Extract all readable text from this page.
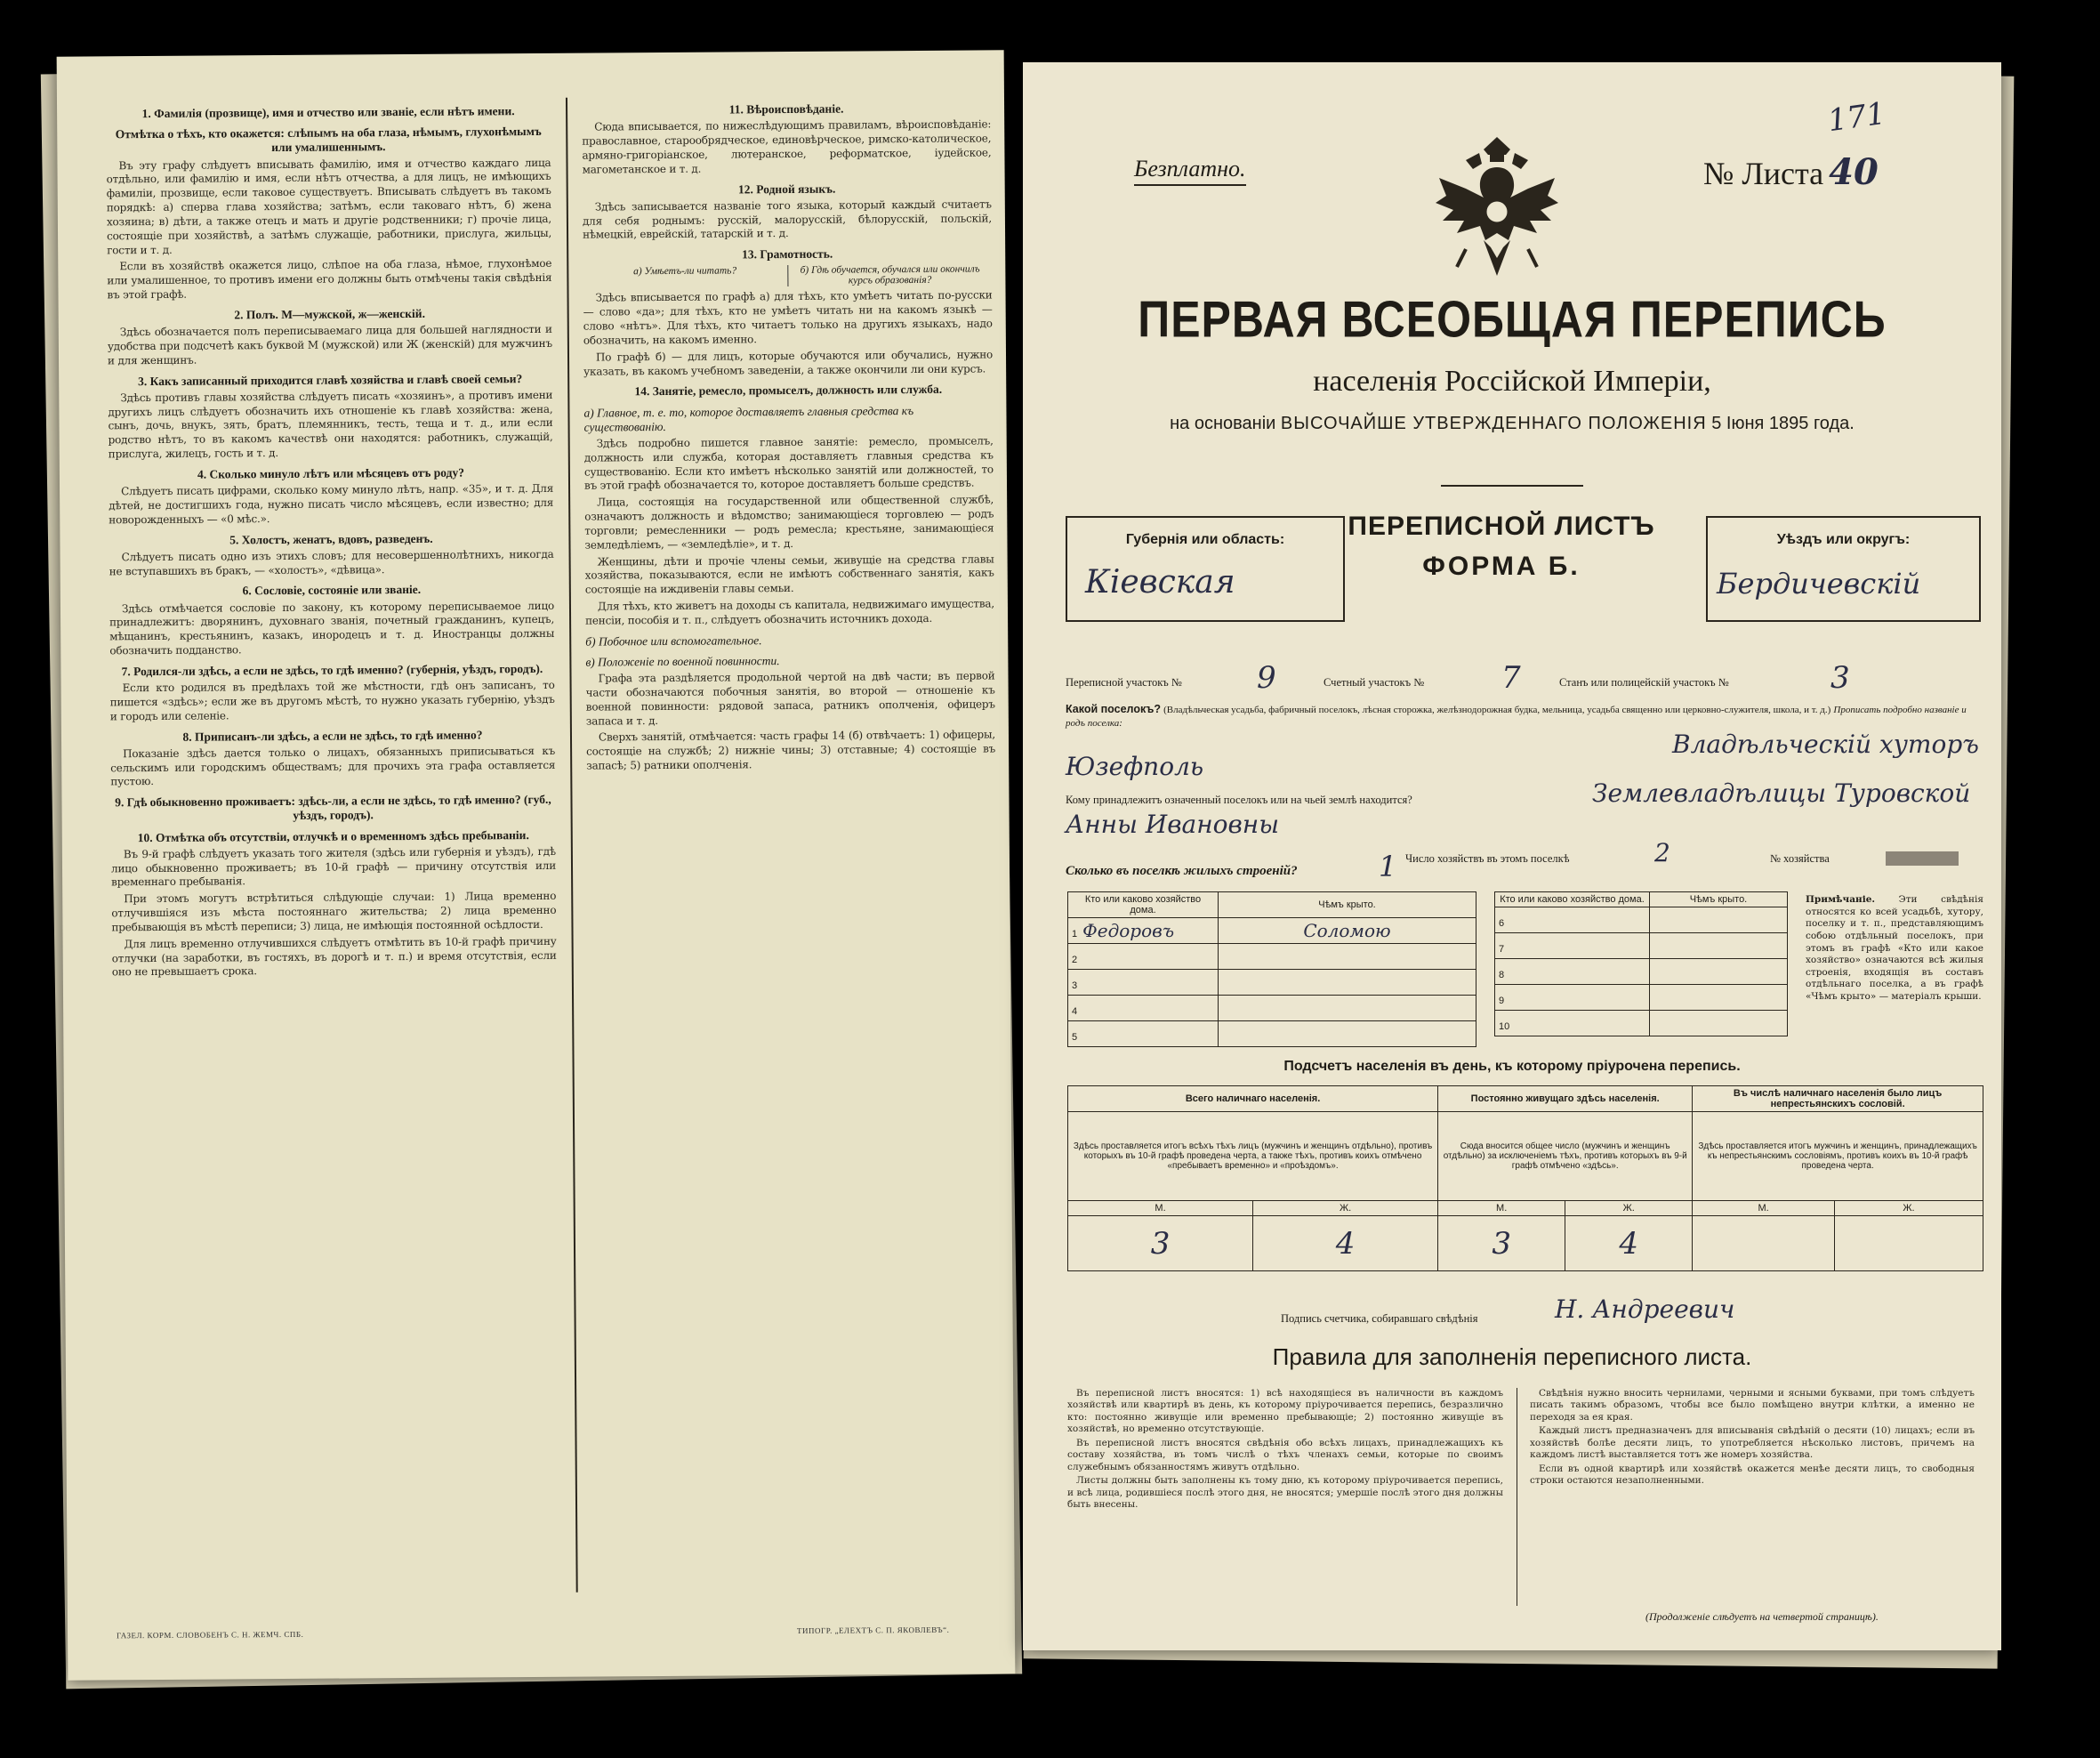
1. Фамилія (прозвище), имя и отчество или званіе, если нѣтъ имени.
Отмѣтка о тѣхъ, кто окажется: слѣпымъ на оба глаза, нѣмымъ, глухонѣмымъ или умалишеннымъ.
Въ эту графу слѣдуетъ вписывать фамилію, имя и отчество каждаго лица отдѣльно, или фамилію и имя, если нѣтъ отчества, а для лицъ, не имѣющихъ фамиліи, прозвище, если таковое существуетъ. Вписывать слѣдуетъ въ такомъ порядкѣ: а) сперва глава хозяйства; затѣмъ, если таковаго нѣтъ, б) жена хозяина; в) дѣти, а также отецъ и мать и другіе родственники; г) прочіе лица, состоящіе при хозяйствѣ, а затѣмъ служащіе, работники, прислуга, жильцы, гости и т. д.
Если въ хозяйствѣ окажется лицо, слѣпое на оба глаза, нѣмое, глухонѣмое или умалишенное, то противъ имени его должны быть отмѣчены такія свѣдѣнія въ этой графѣ.
2. Полъ. М—мужской, ж—женскій.
Здѣсь обозначается полъ переписываемаго лица для большей наглядности и удобства при подсчетѣ какъ буквой М (мужской) или Ж (женскій) для мужчинъ и для женщинъ.
3. Какъ записанный приходится главѣ хозяйства и главѣ своей семьи?
Здѣсь противъ главы хозяйства слѣдуетъ писать «хозяинъ», а противъ имени другихъ лицъ слѣдуетъ обозначить ихъ отношеніе къ главѣ хозяйства: жена, сынъ, дочь, внукъ, зять, братъ, племянникъ, тесть, теща и т. д., или если родство нѣтъ, то въ какомъ качествѣ они находятся: работникъ, служащій, прислуга, жилецъ, гость и т. д.
4. Сколько минуло лѣтъ или мѣсяцевъ отъ роду?
Слѣдуетъ писать цифрами, сколько кому минуло лѣтъ, напр. «35», и т. д. Для дѣтей, не достигшихъ года, нужно писать число мѣсяцевъ, если известно; для новорожденныхъ — «0 мѣс.».
5. Холостъ, женатъ, вдовъ, разведенъ.
Слѣдуетъ писать одно изъ этихъ словъ; для несовершеннолѣтнихъ, никогда не вступавшихъ въ бракъ, — «холостъ», «дѣвица».
6. Сословіе, состояніе или званіе.
Здѣсь отмѣчается сословіе по закону, къ которому переписываемое лицо принадлежитъ: дворянинъ, духовнаго званія, почетный гражданинъ, купецъ, мѣщанинъ, крестьянинъ, казакъ, инородецъ и т. д. Иностранцы должны обозначить подданство.
7. Родился-ли здѣсь, а если не здѣсь, то гдѣ именно? (губернія, уѣздъ, городъ).
Если кто родился въ предѣлахъ той же мѣстности, гдѣ онъ записанъ, то пишется «здѣсь»; если же въ другомъ мѣстѣ, то нужно указать губернію, уѣздъ и городъ или селеніе.
8. Приписанъ-ли здѣсь, а если не здѣсь, то гдѣ именно?
Показаніе здѣсь дается только о лицахъ, обязанныхъ приписываться къ сельскимъ или городскимъ обществамъ; для прочихъ эта графа оставляется пустою.
9. Гдѣ обыкновенно проживаетъ: здѣсь-ли, а если не здѣсь, то гдѣ именно? (губ., уѣздъ, городъ).
10. Отмѣтка объ отсутствіи, отлучкѣ и о временномъ здѣсь пребываніи.
Въ 9-й графѣ слѣдуетъ указать того жителя (здѣсь или губернія и уѣздъ), гдѣ лицо обыкновенно проживаетъ; въ 10-й графѣ — причину отсутствія или временнаго пребыванія.
При этомъ могутъ встрѣтиться слѣдующіе случаи: 1) Лица временно отлучившіяся изъ мѣста постояннаго жительства; 2) лица временно пребывающія въ мѣстѣ переписи; 3) лица, не имѣющія постоянной осѣдлости.
Для лицъ временно отлучившихся слѣдуетъ отмѣтить въ 10-й графѣ причину отлучки (на заработки, въ гостяхъ, въ дорогѣ и т. п.) и время отсутствія, если оно не превышаетъ срока.
11. Вѣроисповѣданіе.
Сюда вписывается, по нижеслѣдующимъ правиламъ, вѣроисповѣданіе: православное, старообрядческое, единовѣрческое, римско-католическое, армяно-григоріанское, лютеранское, реформатское, іудейское, магометанское и т. д.
12. Родной языкъ.
Здѣсь записывается названіе того языка, который каждый считаетъ для себя роднымъ: русскій, малорусскій, бѣлорусскій, польскій, нѣмецкій, еврейскій, татарскій и т. д.
13. Грамотность.
а) Умѣетъ-ли читать?	б) Гдѣ обучается, обучался или окончилъ курсъ образованія?
Здѣсь вписывается по графѣ а) для тѣхъ, кто умѣетъ читать по-русски — слово «да»; для тѣхъ, кто не умѣетъ читать ни на какомъ языкѣ — слово «нѣтъ». Для тѣхъ, кто читаетъ только на другихъ языкахъ, надо обозначить, на какомъ именно.
По графѣ б) — для лицъ, которые обучаются или обучались, нужно указать, въ какомъ учебномъ заведеніи, а также окончили ли они курсъ.
14. Занятіе, ремесло, промыселъ, должность или служба.
а) Главное, т. е. то, которое доставляетъ главныя средства къ существованію.
Здѣсь подробно пишется главное занятіе: ремесло, промыселъ, должность или служба, которая доставляетъ главныя средства къ существованію. Если кто имѣетъ нѣсколько занятій или должностей, то въ этой графѣ обозначается то, которое доставляетъ больше средствъ.
Лица, состоящія на государственной или общественной службѣ, означаютъ должность и вѣдомство; занимающіеся торговлею — родъ торговли; ремесленники — родъ ремесла; крестьяне, занимающіеся земледѣліемъ, — «земледѣліе», и т. д.
Женщины, дѣти и прочіе члены семьи, живущіе на средства главы хозяйства, показываются, если не имѣютъ собственнаго занятія, какъ состоящіе на иждивеніи главы семьи.
Для тѣхъ, кто живетъ на доходы съ капитала, недвижимаго имущества, пенсіи, пособія и т. п., слѣдуетъ обозначить источникъ дохода.
б) Побочное или вспомогательное.
в) Положеніе по военной повинности.
Графа эта раздѣляется продольной чертой на двѣ части; въ первой части обозначаются побочныя занятія, во второй — отношеніе къ военной повинности: рядовой запаса, ратникъ ополченія, офицеръ запаса и т. д.
Сверхъ занятій, отмѣчается: часть графы 14 (б) отвѣчаетъ: 1) офицеры, состоящіе на службѣ; 2) нижніе чины; 3) отставные; 4) состоящіе въ запасѣ; 5) ратники ополченія.
ГАЗЕЛ. КОРМ. СЛОВОБЕНЪ С. Н. ЖЕМЧ. СПБ.	ТИПОГР. „ЕЛЕХТЪ С. П. ЯКОВЛЕВЪ“.
171
Безплатно.	№ Листа 40
ПЕРВАЯ ВСЕОБЩАЯ ПЕРЕПИСЬ
населенія Россійской Имперіи,
на основаніи ВЫСОЧАЙШЕ УТВЕРЖДЕННАГО ПОЛОЖЕНІЯ 5 Іюня 1895 года.
Губернія или область:
Кіевская
ПЕРЕПИСНОЙ ЛИСТЪ
ФОРМА Б.
Уѣздъ или округъ:
Бердичевскій
Переписной участокъ № 9	Счетный участокъ №	7	Станъ или полицейскій участокъ №	3
Какой поселокъ? (Владѣльческая усадьба, фабричный поселокъ, лѣсная сторожка, желѣзнодорожная будка, мельница, усадьба священно или церковно-служителя, школа, и т. д.) Прописать подробно названіе и родъ поселка:
Владѣльческій хуторъ
Юзефполь
Кому принадлежитъ означенный поселокъ или на чьей землѣ находится?	Землевладѣлицы Туровской
Анны Ивановны
Число хозяйствъ въ этомъ поселкѣ	2	№ хозяйства
Сколько въ поселкѣ жилыхъ строеній?	1
Кто или каково хозяйство дома.	Чѣмъ крыто.
1 Федоровъ	Соломою
2	
3	
4	
5	
Кто или каково хозяйство дома.	Чѣмъ крыто.
6	
7	
8	
9	
10	
Примѣчаніе.	Эти свѣдѣнія относятся ко всей усадьбѣ, хутору, поселку и т. п., представляющимъ собою отдѣльный поселокъ, при этомъ въ графѣ «Кто или какое хозяйство» означаются всѣ жилыя строенія, входящія въ составъ отдѣльнаго поселка, а въ графѣ «Чѣмъ крыто» — матеріалъ крыши.
Подсчетъ населенія въ день, къ которому пріурочена перепись.
Всего наличнаго населенія.		Постоянно живущаго здѣсь населенія.		Въ числѣ наличнаго населенія было лицъ непрестьянскихъ сословій.	
Здѣсь проставляется итогъ всѣхъ тѣхъ лицъ (мужчинъ и женщинъ отдѣльно), противъ которыхъ въ 10-й графѣ проведена черта, а также тѣхъ, противъ коихъ отмѣчено «пребываетъ временно» и «проѣздомъ».		Сюда вносится общее число (мужчинъ и женщинъ отдѣльно) за исключеніемъ тѣхъ, противъ которыхъ въ 9-й графѣ отмѣчено «здѣсь».		Здѣсь проставляется итогъ мужчинъ и женщинъ, принадлежащихъ къ непрестьянскимъ сословіямъ, противъ коихъ въ 10-й графѣ проведена черта.	
М.	Ж.	М.	Ж.	М.	Ж.
3	4	3	4		
Подпись счетчика, собиравшаго свѣдѣнія	Н. Андреевич
Правила для заполненія переписного листа.

Въ переписной листъ вносятся: 1) всѣ находящіеся въ наличности въ каждомъ хозяйствѣ или квартирѣ въ день, къ которому пріурочивается перепись, безразлично кто: постоянно живущіе или временно пребывающіе; 2) постоянно живущіе въ хозяйствѣ, но временно отсутствующіе.

Въ переписной листъ вносятся свѣдѣнія обо всѣхъ лицахъ, принадлежащихъ къ составу хозяйства, въ томъ числѣ о тѣхъ членахъ семьи, которые по своимъ служебнымъ обязанностямъ живутъ отдѣльно.

Листы должны быть заполнены къ тому дню, къ которому пріурочивается перепись, и всѣ лица, родившіеся послѣ этого дня, не вносятся; умершіе послѣ этого дня должны быть внесены.

Свѣдѣнія нужно вносить чернилами, черными и ясными буквами, при томъ слѣдуетъ писать такимъ образомъ, чтобы все было помѣщено внутри клѣтки, а именно не переходя за ея края.

Каждый листъ предназначенъ для вписыванія свѣдѣній о десяти (10) лицахъ; если въ хозяйствѣ болѣе десяти лицъ, то употребляется нѣсколько листовъ, причемъ на каждомъ листѣ выставляется тотъ же номеръ хозяйства.

Если въ одной квартирѣ или хозяйствѣ окажется менѣе десяти лицъ, то свободныя строки остаются незаполненными.

(Продолженіе слѣдуетъ на четвертой страницѣ).
